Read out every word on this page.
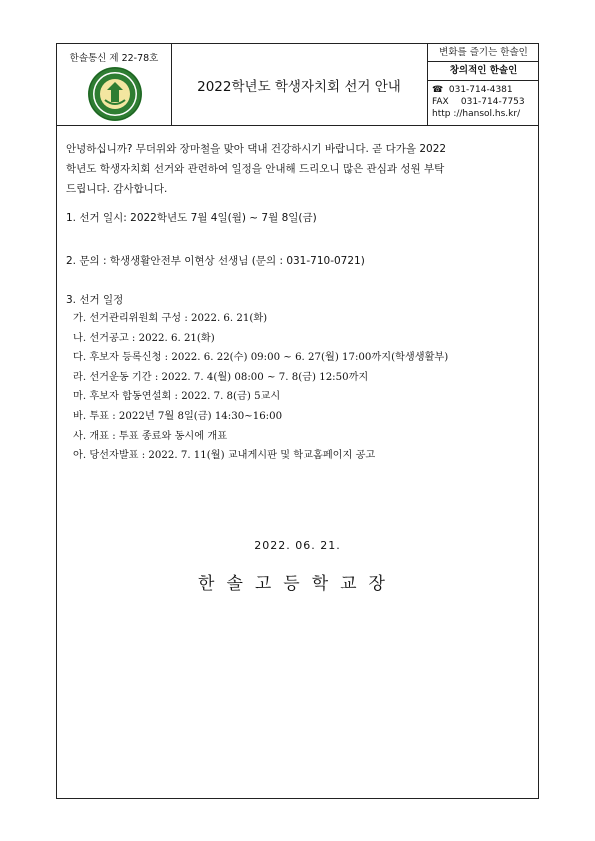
한솔통신 제 22-78호
2022학년도 학생자치회 선거 안내
변화를 즐기는 한솔인
창의적인 한솔인
☎ 031-714-4381
FAX 031-714-7753
http ://hansol.hs.kr/
안녕하십니까? 무더위와 장마철을 맞아 댁내 건강하시기 바랍니다. 곧 다가올 2022
학년도 학생자치회 선거와 관련하여 일정을 안내해 드리오니 많은 관심과 성원 부탁
드립니다. 감사합니다.
1. 선거 일시: 2022학년도 7월 4일(월) ~ 7월 8일(금)
2. 문의 : 학생생활안전부 이현상 선생님 (문의 : 031-710-0721)
3. 선거 일정
가. 선거관리위원회 구성 : 2022. 6. 21(화)
나. 선거공고 : 2022. 6. 21(화)
다. 후보자 등록신청 : 2022. 6. 22(수) 09:00 ~ 6. 27(월) 17:00까지(학생생활부)
라. 선거운동 기간 : 2022. 7. 4(월) 08:00 ~ 7. 8(금) 12:50까지
마. 후보자 합동연설회 : 2022. 7. 8(금) 5교시
바. 투표 : 2022년 7월 8일(금) 14:30~16:00
사. 개표 : 투표 종료와 동시에 개표
아. 당선자발표 : 2022. 7. 11(월) 교내게시판 및 학교홈페이지 공고
2022. 06. 21.
한솔고등학교장
